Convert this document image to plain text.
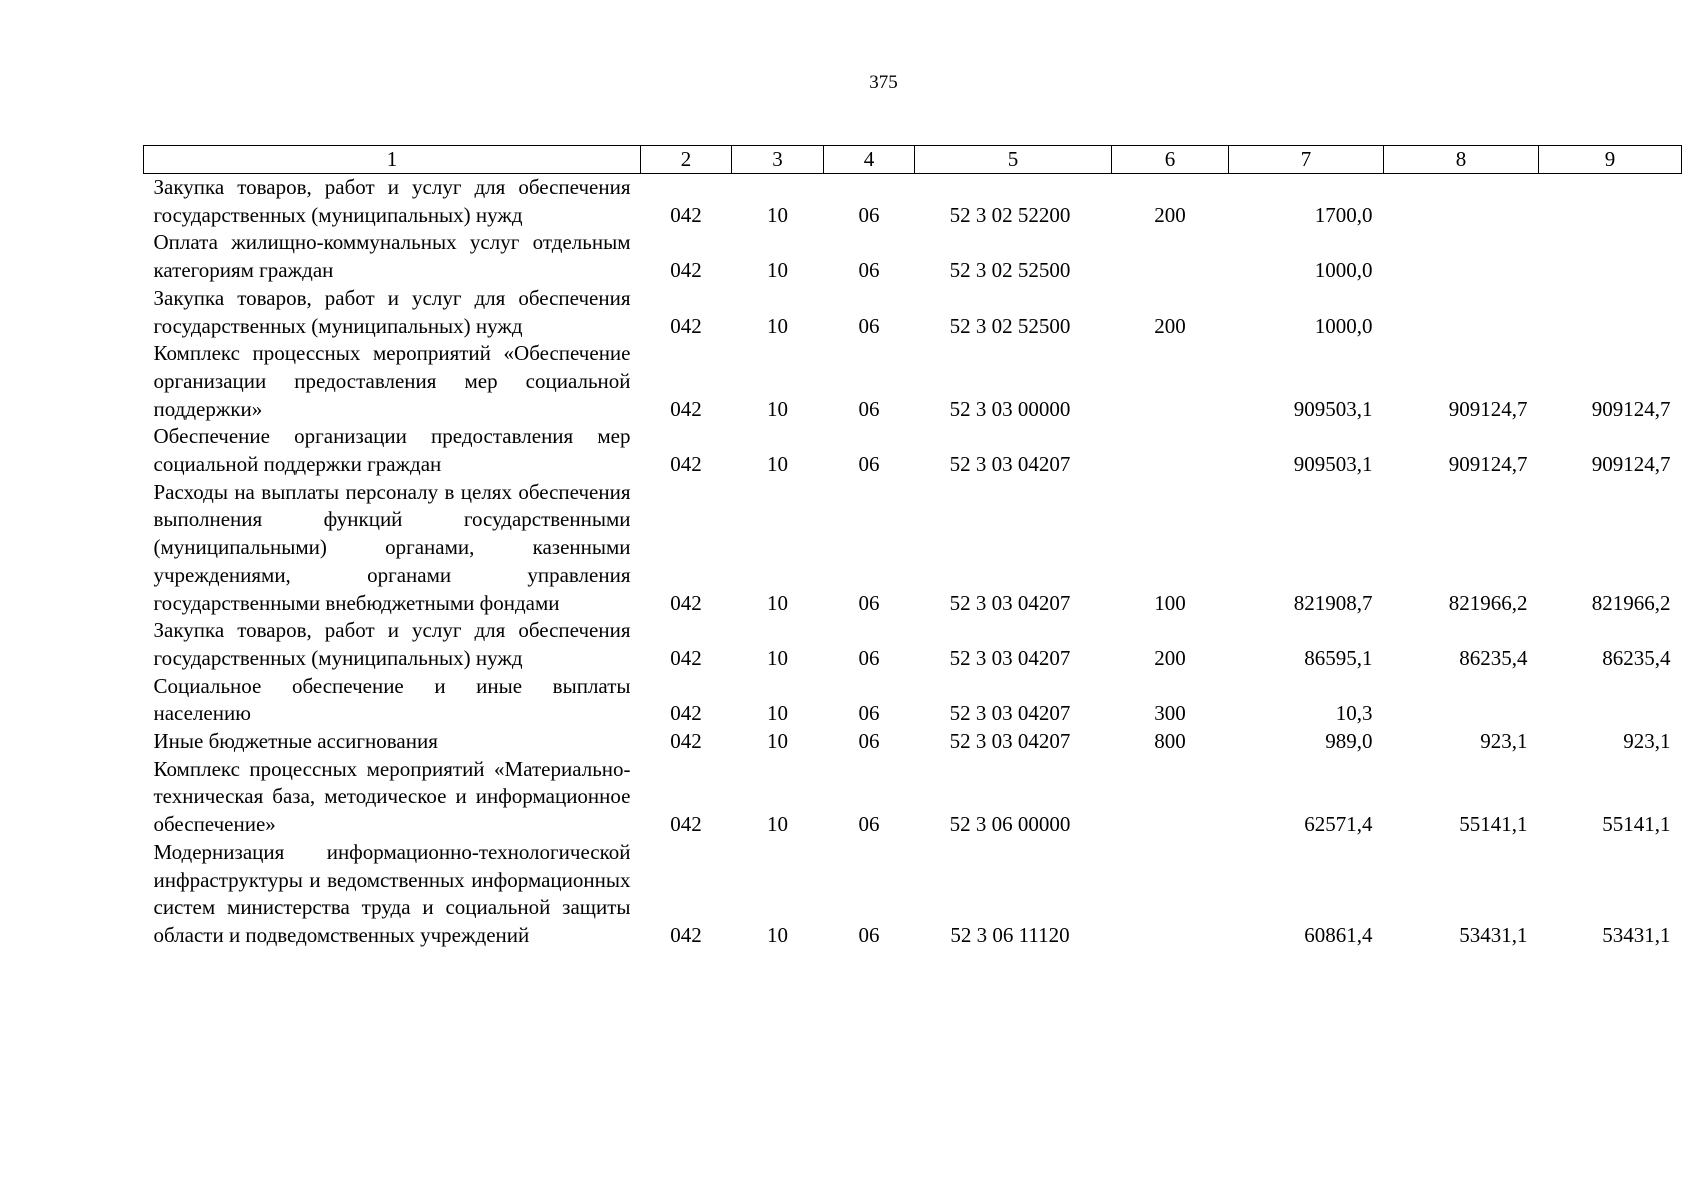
375
1	2	3	4	5	6	7	8	9
Закупка товаров, работ и услуг для обеспечения государственных (муниципальных) нужд	042	10	06	52 3 02 52200	200	1700,0		
Оплата жилищно-коммунальных услуг отдельным категориям граждан	042	10	06	52 3 02 52500		1000,0		
Закупка товаров, работ и услуг для обеспечения государственных (муниципальных) нужд	042	10	06	52 3 02 52500	200	1000,0		
Комплекс процессных мероприятий «Обеспечение организации предоставления мер социальной поддержки»	042	10	06	52 3 03 00000		909503,1	909124,7	909124,7
Обеспечение организации предоставления мер социальной поддержки граждан	042	10	06	52 3 03 04207		909503,1	909124,7	909124,7
Расходы на выплаты персоналу в целях обеспечения выполнения функций государственными (муниципальными) органами, казенными учреждениями, органами управления государственными внебюджетными фондами	042	10	06	52 3 03 04207	100	821908,7	821966,2	821966,2
Закупка товаров, работ и услуг для обеспечения государственных (муниципальных) нужд	042	10	06	52 3 03 04207	200	86595,1	86235,4	86235,4
Социальное обеспечение и иные выплаты населению	042	10	06	52 3 03 04207	300	10,3		
Иные бюджетные ассигнования	042	10	06	52 3 03 04207	800	989,0	923,1	923,1
Комплекс процессных мероприятий «Материально-техническая база, методическое и информационное обеспечение»	042	10	06	52 3 06 00000		62571,4	55141,1	55141,1
Модернизация информационно-технологической инфраструктуры и ведомственных информационных систем министерства труда и социальной защиты области и подведомственных учреждений	042	10	06	52 3 06 11120		60861,4	53431,1	53431,1
